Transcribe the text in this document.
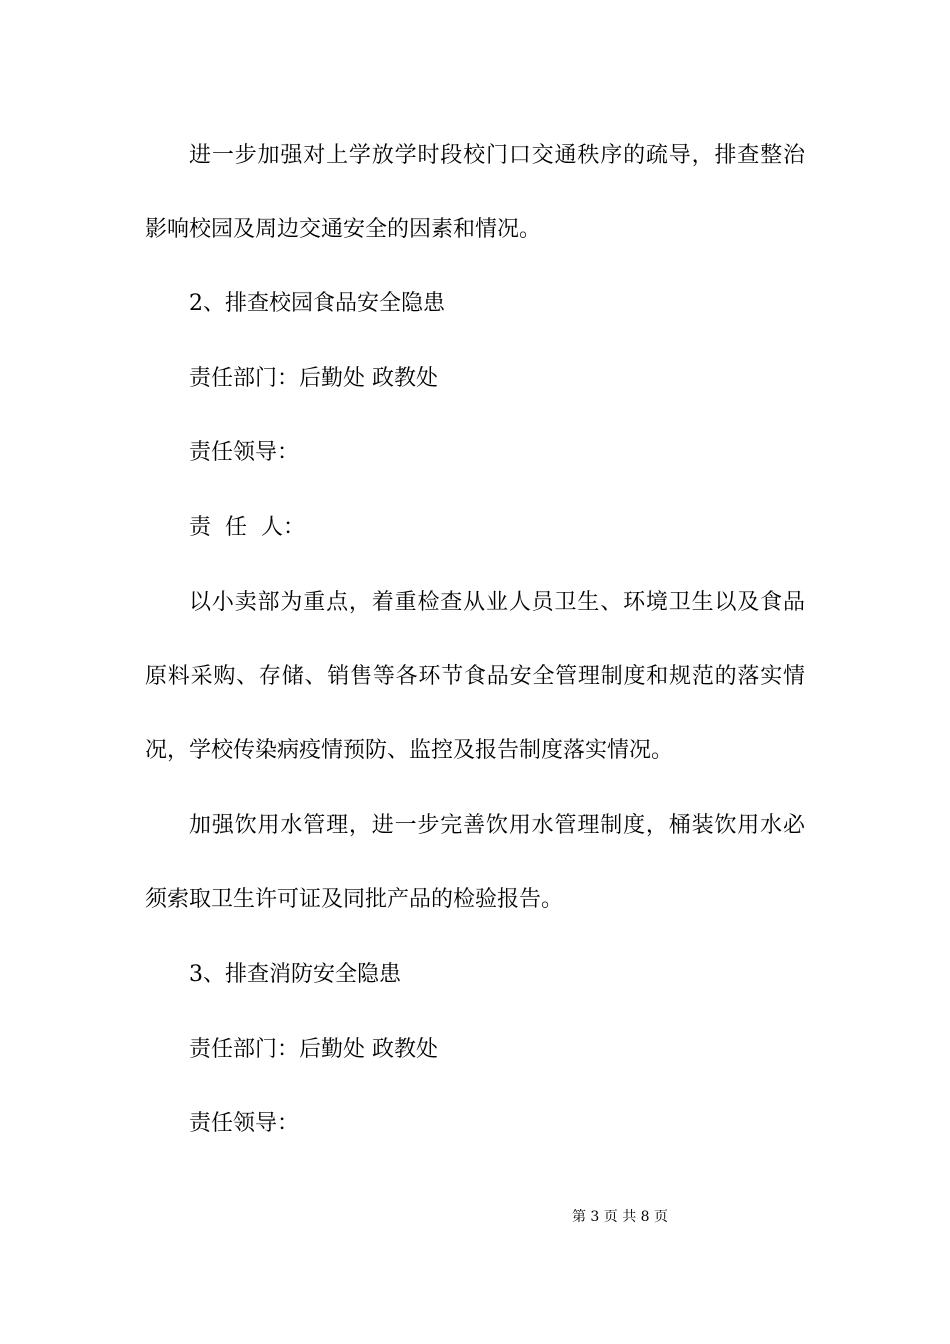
进一步加强对上学放学时段校门口交通秩序的疏导，排查整治
影响校园及周边交通安全的因素和情况。
2、排查校园食品安全隐患
责任部门：后勤处 政教处
责任领导：
责  任  人：
以小卖部为重点，着重检查从业人员卫生、环境卫生以及食品
原料采购、存储、销售等各环节食品安全管理制度和规范的落实情
况，学校传染病疫情预防、监控及报告制度落实情况。
加强饮用水管理，进一步完善饮用水管理制度，桶装饮用水必
须索取卫生许可证及同批产品的检验报告。
3、排查消防安全隐患
责任部门：后勤处 政教处
责任领导：
第 3 页 共 8 页
